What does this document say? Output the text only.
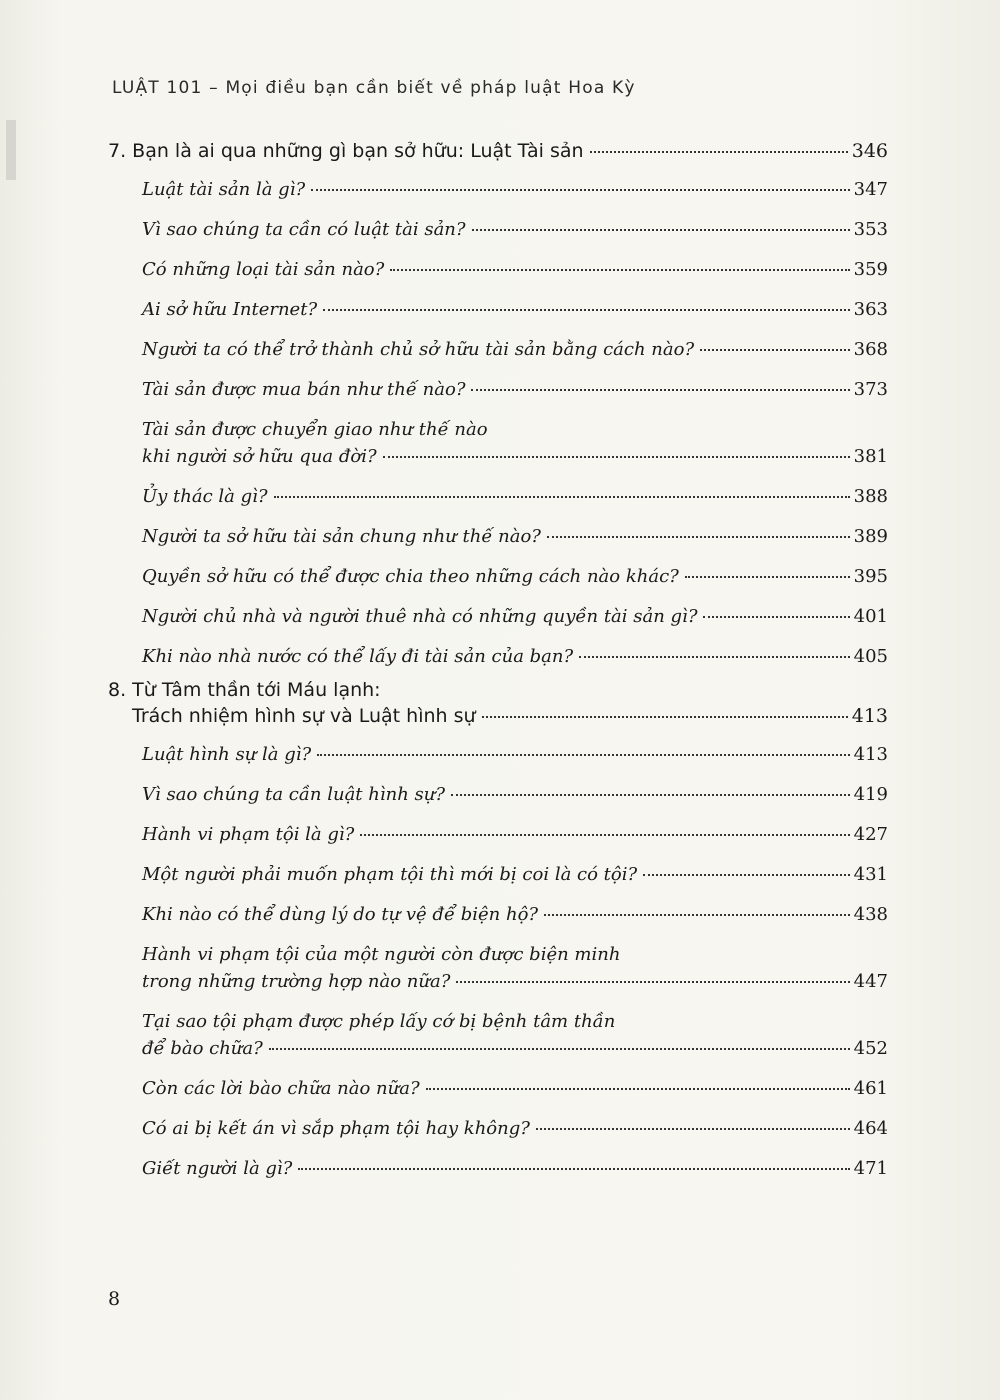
LUẬT 101 – Mọi điều bạn cần biết về pháp luật Hoa Kỳ
7. Bạn là ai qua những gì bạn sở hữu: Luật Tài sản	346
Luật tài sản là gì?	347
Vì sao chúng ta cần có luật tài sản?	353
Có những loại tài sản nào?	359
Ai sở hữu Internet?	363
Người ta có thể trở thành chủ sở hữu tài sản bằng cách nào?	368
Tài sản được mua bán như thế nào?	373
Tài sản được chuyển giao như thế nào
khi người sở hữu qua đời?	381
Ủy thác là gì?	388
Người ta sở hữu tài sản chung như thế nào?	389
Quyền sở hữu có thể được chia theo những cách nào khác?	395
Người chủ nhà và người thuê nhà có những quyền tài sản gì?	401
Khi nào nhà nước có thể lấy đi tài sản của bạn?	405
8. Từ Tâm thần tới Máu lạnh:
Trách nhiệm hình sự và Luật hình sự	413
Luật hình sự là gì?	413
Vì sao chúng ta cần luật hình sự?	419
Hành vi phạm tội là gì?	427
Một người phải muốn phạm tội thì mới bị coi là có tội?	431
Khi nào có thể dùng lý do tự vệ để biện hộ?	438
Hành vi phạm tội của một người còn được biện minh
trong những trường hợp nào nữa?	447
Tại sao tội phạm được phép lấy cớ bị bệnh tâm thần
để bào chữa?	452
Còn các lời bào chữa nào nữa?	461
Có ai bị kết án vì sắp phạm tội hay không?	464
Giết người là gì?	471
8
